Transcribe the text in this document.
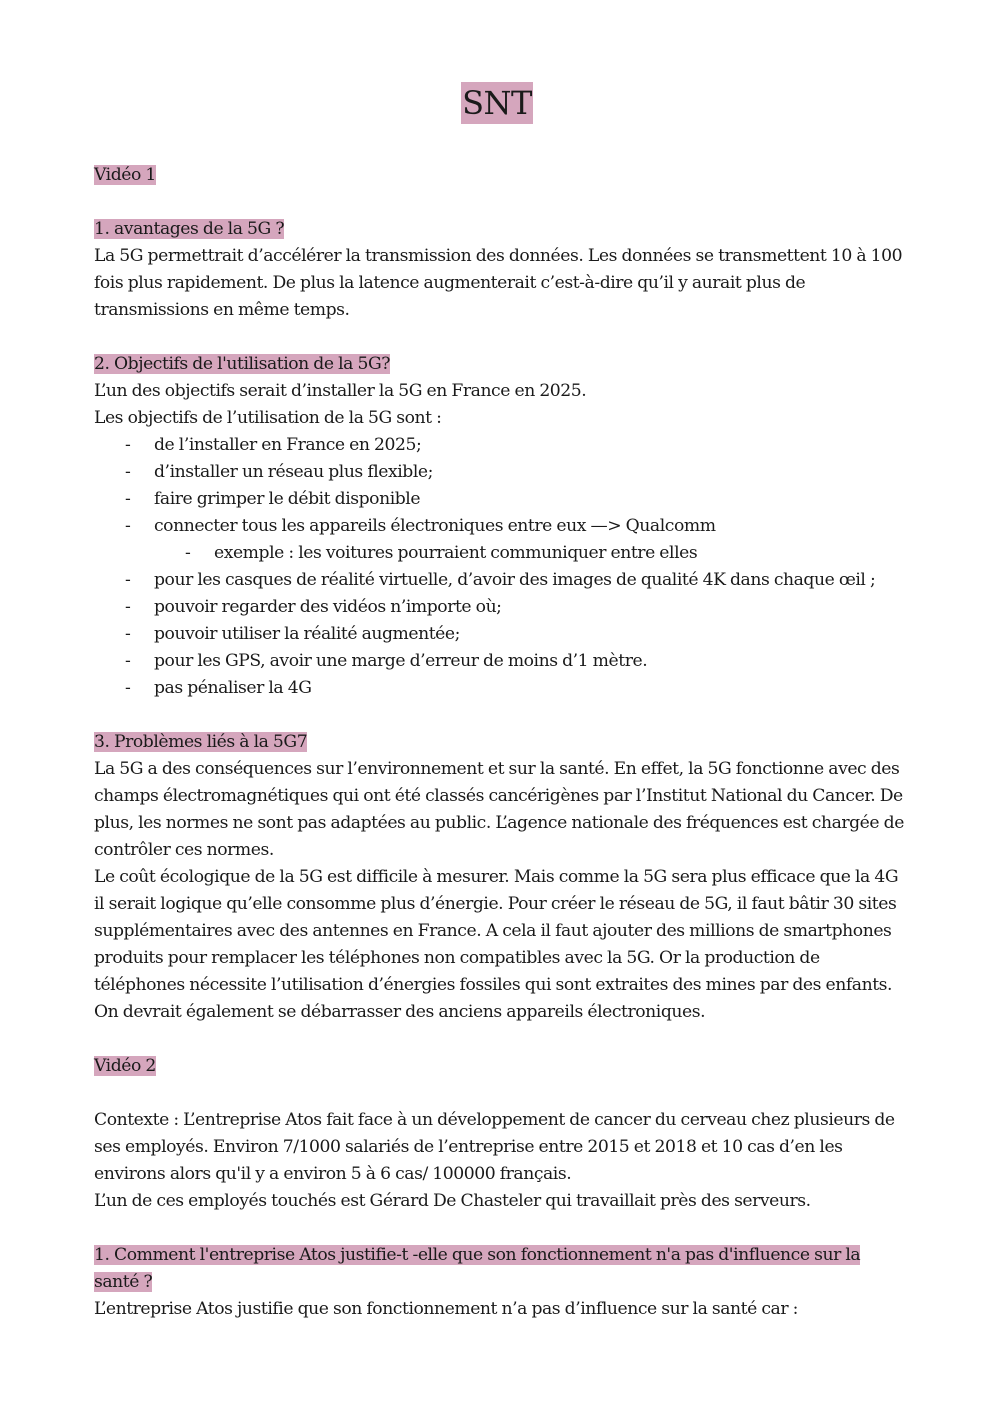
SNT

Vidéo 1

1. avantages de la 5G ?

La 5G permettrait d’accélérer la transmission des données. Les données se transmettent 10 à 100 fois plus rapidement. De plus la latence augmenterait c’est-à-dire qu’il y aurait plus de transmissions en même temps.

2. Objectifs de l'utilisation de la 5G?

L’un des objectifs serait d’installer la 5G en France en 2025.

Les objectifs de l’utilisation de la 5G sont :

- de l’installer en France en 2025;
- d’installer un réseau plus flexible;
- faire grimper le débit disponible
- connecter tous les appareils électroniques entre eux —> Qualcomm
- exemple : les voitures pourraient communiquer entre elles
- pour les casques de réalité virtuelle, d’avoir des images de qualité 4K dans chaque œil ;
- pouvoir regarder des vidéos n’importe où;
- pouvoir utiliser la réalité augmentée;
- pour les GPS, avoir une marge d’erreur de moins d’1 mètre.
- pas pénaliser la 4G

3. Problèmes liés à la 5G7

La 5G a des conséquences sur l’environnement et sur la santé. En effet, la 5G fonctionne avec des champs électromagnétiques qui ont été classés cancérigènes par l’Institut National du Cancer. De plus, les normes ne sont pas adaptées au public. L’agence nationale des fréquences est chargée de contrôler ces normes.

Le coût écologique de la 5G est difficile à mesurer. Mais comme la 5G sera plus efficace que la 4G il serait logique qu’elle consomme plus d’énergie. Pour créer le réseau de 5G, il faut bâtir 30 sites supplémentaires avec des antennes en France. A cela il faut ajouter des millions de smartphones produits pour remplacer les téléphones non compatibles avec la 5G. Or la production de téléphones nécessite l’utilisation d’énergies fossiles qui sont extraites des mines par des enfants. On devrait également se débarrasser des anciens appareils électroniques.

Vidéo 2

Contexte : L’entreprise Atos fait face à un développement de cancer du cerveau chez plusieurs de ses employés. Environ 7/1000 salariés de l’entreprise entre 2015 et 2018 et 10 cas d’en les environs alors qu'il y a environ 5 à 6 cas/ 100000 français.

L’un de ces employés touchés est Gérard De Chasteler qui travaillait près des serveurs.

1. Comment l'entreprise Atos justifie-t -elle que son fonctionnement n'a pas d'influence sur la santé ?

L’entreprise Atos justifie que son fonctionnement n’a pas d’influence sur la santé car :
